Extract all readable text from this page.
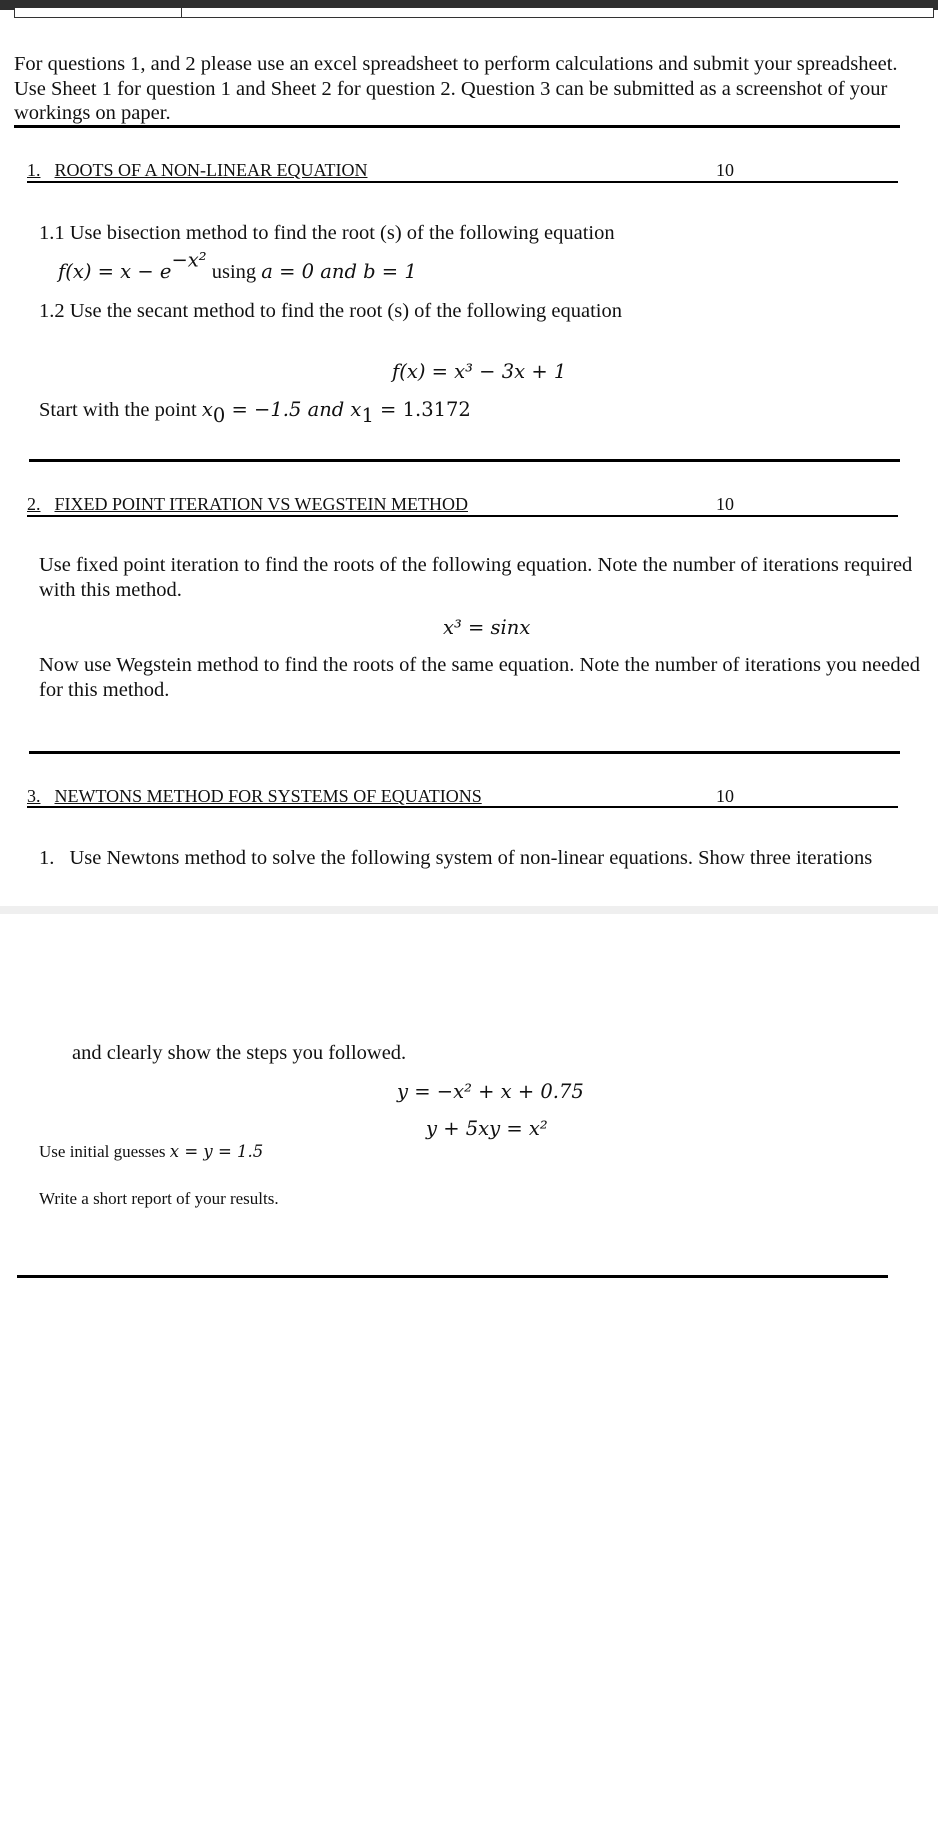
For questions 1, and 2 please use an excel spreadsheet to perform calculations and submit your spreadsheet. Use Sheet 1 for question 1 and Sheet 2 for question 2. Question 3 can be submitted as a screenshot of your workings on paper.
1. ROOTS OF A NON-LINEAR EQUATION	10
1.1 Use bisection method to find the root (s) of the following equation
$f(x) = x - e^{-x^2}$ using a = 0 and b = 1
1.2 Use the secant method to find the root (s) of the following equation
f(x) = x³ − 3x + 1
Start with the point $x_0 = -1.5$ and $x_1 = 1.3172$
2. FIXED POINT ITERATION VS WEGSTEIN METHOD	10
Use fixed point iteration to find the roots of the following equation. Note the number of iterations required with this method.
x³ = sinx
Now use Wegstein method to find the roots of the same equation. Note the number of iterations you needed for this method.
3. NEWTONS METHOD FOR SYSTEMS OF EQUATIONS	10
1. Use Newtons method to solve the following system of non-linear equations. Show three iterations
and clearly show the steps you followed.
y = −x² + x + 0.75
y + 5xy = x²
Use initial guesses x = y = 1.5
Write a short report of your results.
